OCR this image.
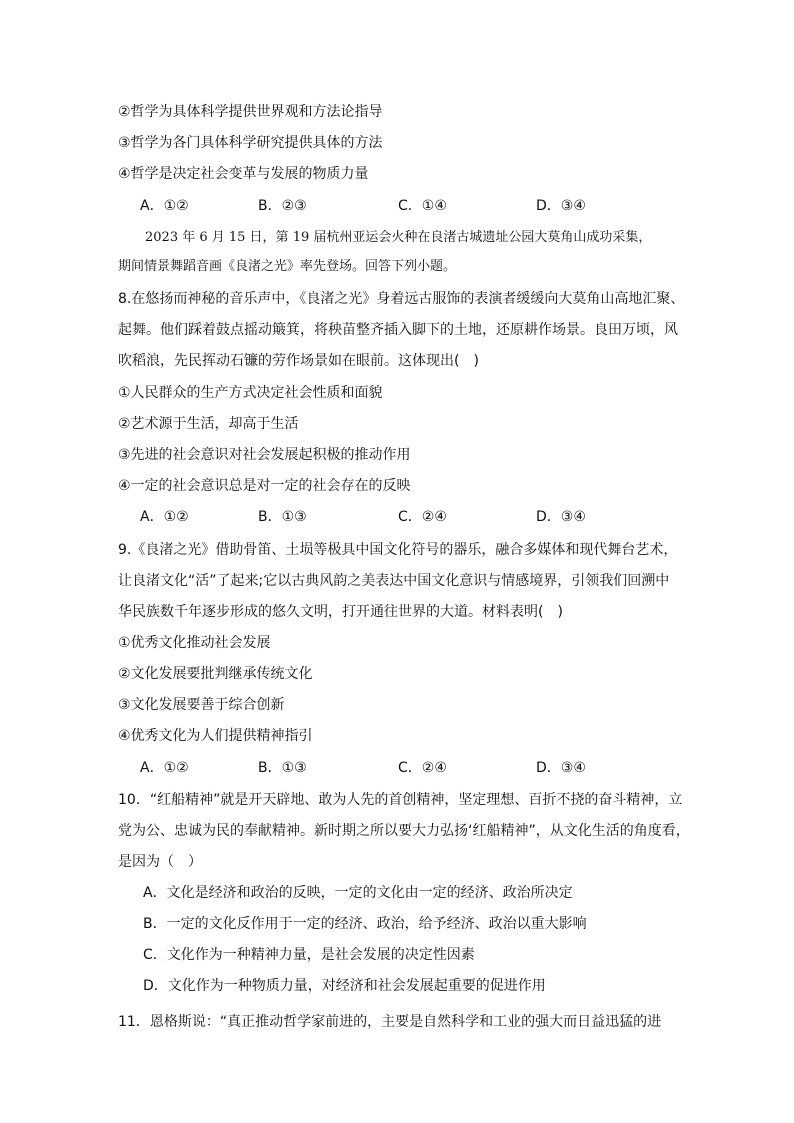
②哲学为具体科学提供世界观和方法论指导
③哲学为各门具体科学研究提供具体的方法
④哲学是决定社会变革与发展的物质力量
A．①②	B．②③	C．①④	D．③④
2023 年 6 月 15 日，第 19 届杭州亚运会火种在良渚古城遗址公园大莫角山成功采集，
期间情景舞蹈音画《良渚之光》率先登场。回答下列小题。
8.在悠扬而神秘的音乐声中，《良渚之光》身着远古服饰的表演者缓缓向大莫角山高地汇聚、
起舞。他们踩着鼓点摇动簸箕，将秧苗整齐插入脚下的土地，还原耕作场景。良田万顷，风
吹稻浪，先民挥动石镰的劳作场景如在眼前。这体现出(　)
①人民群众的生产方式决定社会性质和面貌
②艺术源于生活，却高于生活
③先进的社会意识对社会发展起积极的推动作用
④一定的社会意识总是对一定的社会存在的反映
A．①②	B．①③	C．②④	D．③④
9.《良渚之光》借助骨笛、土埙等极具中国文化符号的器乐，融合多媒体和现代舞台艺术，
让良渚文化“活”了起来;它以古典风韵之美表达中国文化意识与情感境界，引领我们回溯中
华民族数千年逐步形成的悠久文明，打开通往世界的大道。材料表明(　)
①优秀文化推动社会发展
②文化发展要批判继承传统文化
③文化发展要善于综合创新
④优秀文化为人们提供精神指引
A．①②	B．①③	C．②④	D．③④
10．“红船精神”就是开天辟地、敢为人先的首创精神，坚定理想、百折不挠的奋斗精神，立
党为公、忠诚为民的奉献精神。新时期之所以要大力弘扬‘红船精神”，从文化生活的角度看，
是因为（　）
A．文化是经济和政治的反映，一定的文化由一定的经济、政治所决定
B．一定的文化反作用于一定的经济、政治，给予经济、政治以重大影响
C．文化作为一种精神力量，是社会发展的决定性因素
D．文化作为一种物质力量，对经济和社会发展起重要的促进作用
11．恩格斯说：“真正推动哲学家前进的，主要是自然科学和工业的强大而日益迅猛的进
